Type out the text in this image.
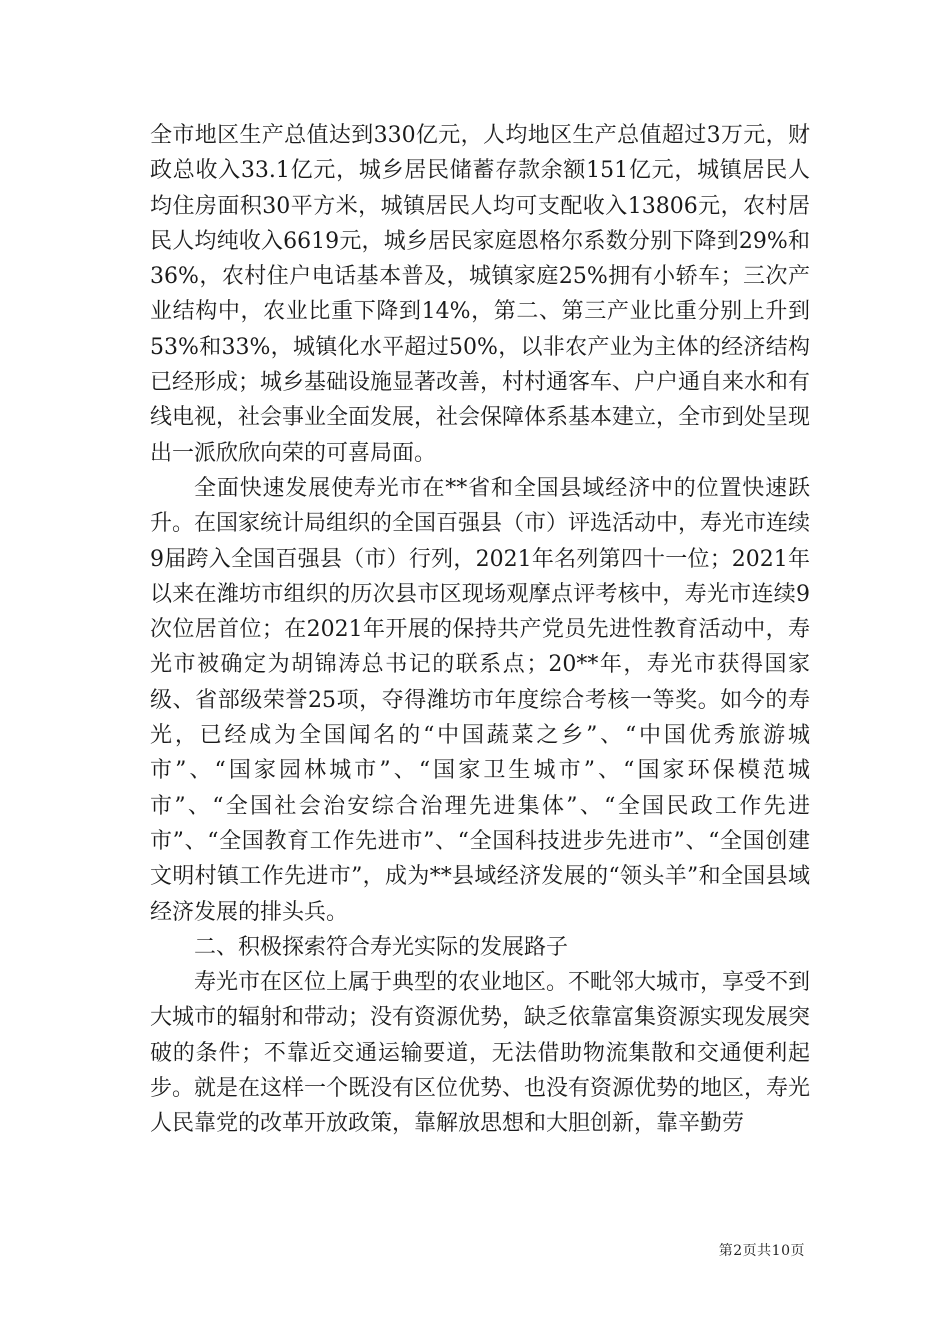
全市地区生产总值达到330亿元，人均地区生产总值超过3万元，财政总收入33.1亿元，城乡居民储蓄存款余额151亿元，城镇居民人均住房面积30平方米，城镇居民人均可支配收入13806元，农村居民人均纯收入6619元，城乡居民家庭恩格尔系数分别下降到29%和36%，农村住户电话基本普及，城镇家庭25%拥有小轿车；三次产业结构中，农业比重下降到14%，第二、第三产业比重分别上升到53%和33%，城镇化水平超过50%，以非农产业为主体的经济结构已经形成；城乡基础设施显著改善，村村通客车、户户通自来水和有线电视，社会事业全面发展，社会保障体系基本建立，全市到处呈现出一派欣欣向荣的可喜局面。

全面快速发展使寿光市在**省和全国县域经济中的位置快速跃升。在国家统计局组织的全国百强县（市）评选活动中，寿光市连续9届跨入全国百强县（市）行列，2021年名列第四十一位；2021年以来在潍坊市组织的历次县市区现场观摩点评考核中，寿光市连续9次位居首位；在2021年开展的保持共产党员先进性教育活动中，寿光市被确定为胡锦涛总书记的联系点；20**年，寿光市获得国家级、省部级荣誉25项，夺得潍坊市年度综合考核一等奖。如今的寿光，已经成为全国闻名的“中国蔬菜之乡”、“中国优秀旅游城市”、“国家园林城市”、“国家卫生城市”、“国家环保模范城市”、“全国社会治安综合治理先进集体”、“全国民政工作先进市”、“全国教育工作先进市”、“全国科技进步先进市”、“全国创建文明村镇工作先进市”，成为**县域经济发展的“领头羊”和全国县域经济发展的排头兵。

二、积极探索符合寿光实际的发展路子

寿光市在区位上属于典型的农业地区。不毗邻大城市，享受不到大城市的辐射和带动；没有资源优势，缺乏依靠富集资源实现发展突破的条件；不靠近交通运输要道，无法借助物流集散和交通便利起步。就是在这样一个既没有区位优势、也没有资源优势的地区，寿光人民靠党的改革开放政策，靠解放思想和大胆创新，靠辛勤劳

第2页共10页
